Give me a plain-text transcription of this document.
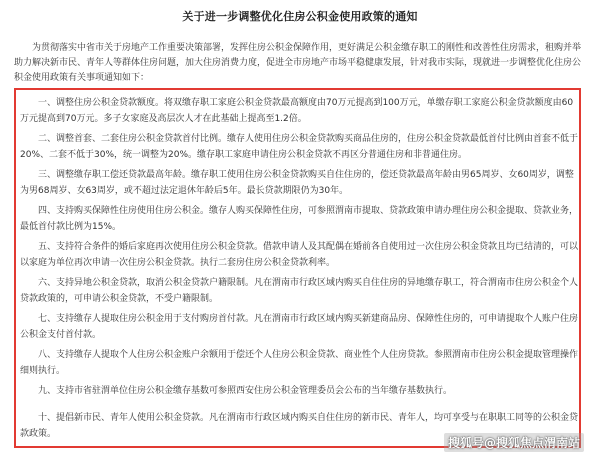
关于进一步调整优化住房公积金使用政策的通知

为贯彻落实中省市关于房地产工作重要决策部署，发挥住房公积金保障作用，更好满足公积金缴存职工的刚性和改善性住房需求，租购并举助力解决新市民、青年人等群体住房问题，加大住房消费力度，促进全市房地产市场平稳健康发展，针对我市实际，现就进一步调整优化住房公积金使用政策有关事项通知如下：

一、调整住房公积金贷款额度。将双缴存职工家庭公积金贷款最高额度由70万元提高到100万元，单缴存职工家庭公积金贷款额度由60万元提高到70万元。多子女家庭及高层次人才在此基础上提高至1.2倍。

二、调整首套、二套住房公积金贷款首付比例。缴存人使用住房公积金贷款购买商品住房的，住房公积金贷款最低首付比例由首套不低于20%、二套不低于30%，统一调整为20%。缴存职工家庭申请住房公积金贷款不再区分普通住房和非普通住房。

三、调整缴存职工偿还贷款最高年龄。缴存职工使用住房公积金贷款购买自住住房的，偿还贷款最高年龄由男65周岁、女60周岁，调整为男68周岁、女63周岁，或不超过法定退休年龄后5年。最长贷款期限仍为30年。

四、支持购买保障性住房使用住房公积金。缴存人购买保障性住房，可参照渭南市提取、贷款政策申请办理住房公积金提取、贷款业务，最低首付款比例为15%。

五、支持符合条件的婚后家庭再次使用住房公积金贷款。借款申请人及其配偶在婚前各自使用过一次住房公积金贷款且均已结清的，可以以家庭为单位再次申请一次住房公积金贷款。执行二套房住房公积金贷款利率。

六、支持异地公积金贷款，取消公积金贷款户籍限制。凡在渭南市行政区域内购买自住住房的异地缴存职工，符合渭南市住房公积金个人贷款政策的，可申请公积金贷款，不受户籍限制。

七、支持缴存人提取住房公积金用于支付购房首付款。凡在渭南市行政区域内购买新建商品房、保障性住房的，可申请提取个人账户住房公积金支付首付款。

八、支持缴存人提取个人住房公积金账户余额用于偿还个人住房公积金贷款、商业性个人住房贷款。参照渭南市住房公积金提取管理操作细则执行。

九、支持市省驻渭单位住房公积金缴存基数可参照西安住房公积金管理委员会公布的当年缴存基数执行。

十、提倡新市民、青年人使用公积金贷款。凡在渭南市行政区域内购买自住住房的新市民、青年人，均可享受与在职职工同等的公积金贷款政策。

搜狐号@搜狐焦点渭南站
